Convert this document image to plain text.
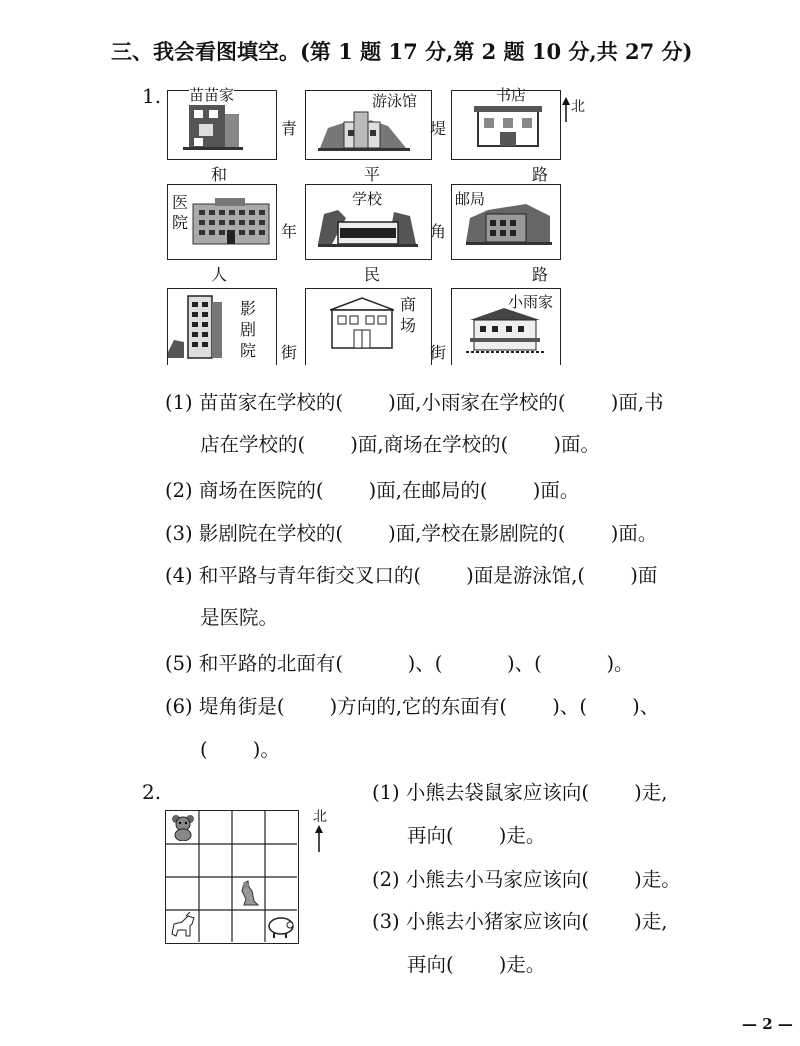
三、我会看图填空。(第 1 题 17 分,第 2 题 10 分,共 27 分)
1. 苗苗家	游泳馆	书店
北
医
院
学校	邮局
影
剧
院
商
场
小雨家
和	平	路
人	民	路
青
年
街
堤
角
街
(1) 苗苗家在学校的(　　 )面,小雨家在学校的(　　 )面,书
店在学校的(　　 )面,商场在学校的(　　 )面。
(2) 商场在医院的(　　 )面,在邮局的(　　 )面。
(3) 影剧院在学校的(　　 )面,学校在影剧院的(　　 )面。
(4) 和平路与青年街交叉口的(　　 )面是游泳馆,(　　 )面
是医院。
(5) 和平路的北面有(　　　 )、(　　　 )、(　　　 )。
(6) 堤角街是(　　 )方向的,它的东面有(　　 )、(　　 )、
(　　 )。
2.
北
(1) 小熊去袋鼠家应该向(　　 )走,
再向(　　 )走。
(2) 小熊去小马家应该向(　　 )走。
(3) 小熊去小猪家应该向(　　 )走,
再向(　　 )走。
— 2 —
